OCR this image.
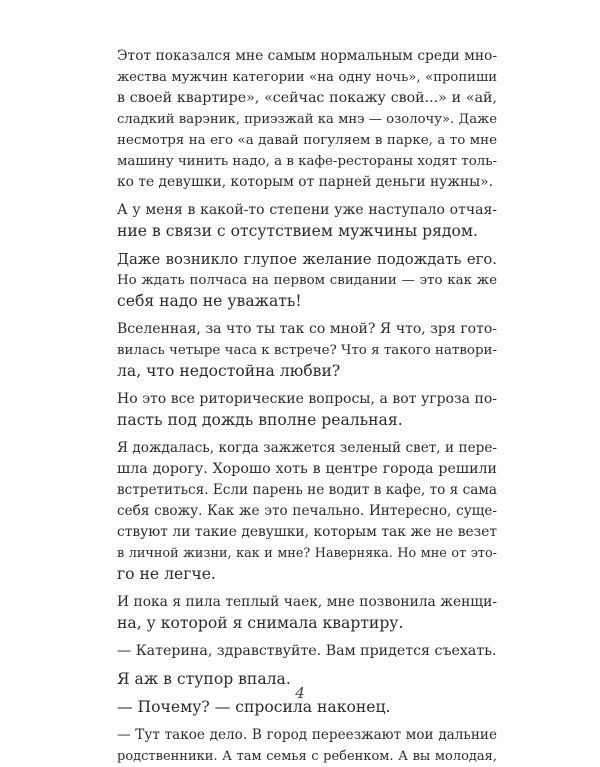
Этот показался мне самым нормальным среди мно-
жества мужчин категории «на одну ночь», «пропиши
в своей квартире», «сейчас покажу свой...» и «ай,
сладкий варэник, приэзжай ка мнэ — озолочу». Даже
несмотря на его «а давай погуляем в парке, а то мне
машину чинить надо, а в кафе-рестораны ходят толь-
ко те девушки, которым от парней деньги нужны».
А у меня в какой-то степени уже наступало отчая-
ние в связи с отсутствием мужчины рядом.
Даже возникло глупое желание подождать его.
Но ждать полчаса на первом свидании — это как же
себя надо не уважать!
Вселенная, за что ты так со мной? Я что, зря гото-
вилась четыре часа к встрече? Что я такого натвори-
ла, что недостойна любви?
Но это все риторические вопросы, а вот угроза по-
пасть под дождь вполне реальная.
Я дождалась, когда зажжется зеленый свет, и пере-
шла дорогу. Хорошо хоть в центре города решили
встретиться. Если парень не водит в кафе, то я сама
себя свожу. Как же это печально. Интересно, суще-
ствуют ли такие девушки, которым так же не везет
в личной жизни, как и мне? Наверняка. Но мне от это-
го не легче.
И пока я пила теплый чаек, мне позвонила женщи-
на, у которой я снимала квартиру.
— Катерина, здравствуйте. Вам придется съехать.
Я аж в ступор впала.
— Почему? — спросила наконец.
— Тут такое дело. В город переезжают мои дальние
родственники. А там семья с ребенком. А вы молодая,
4
